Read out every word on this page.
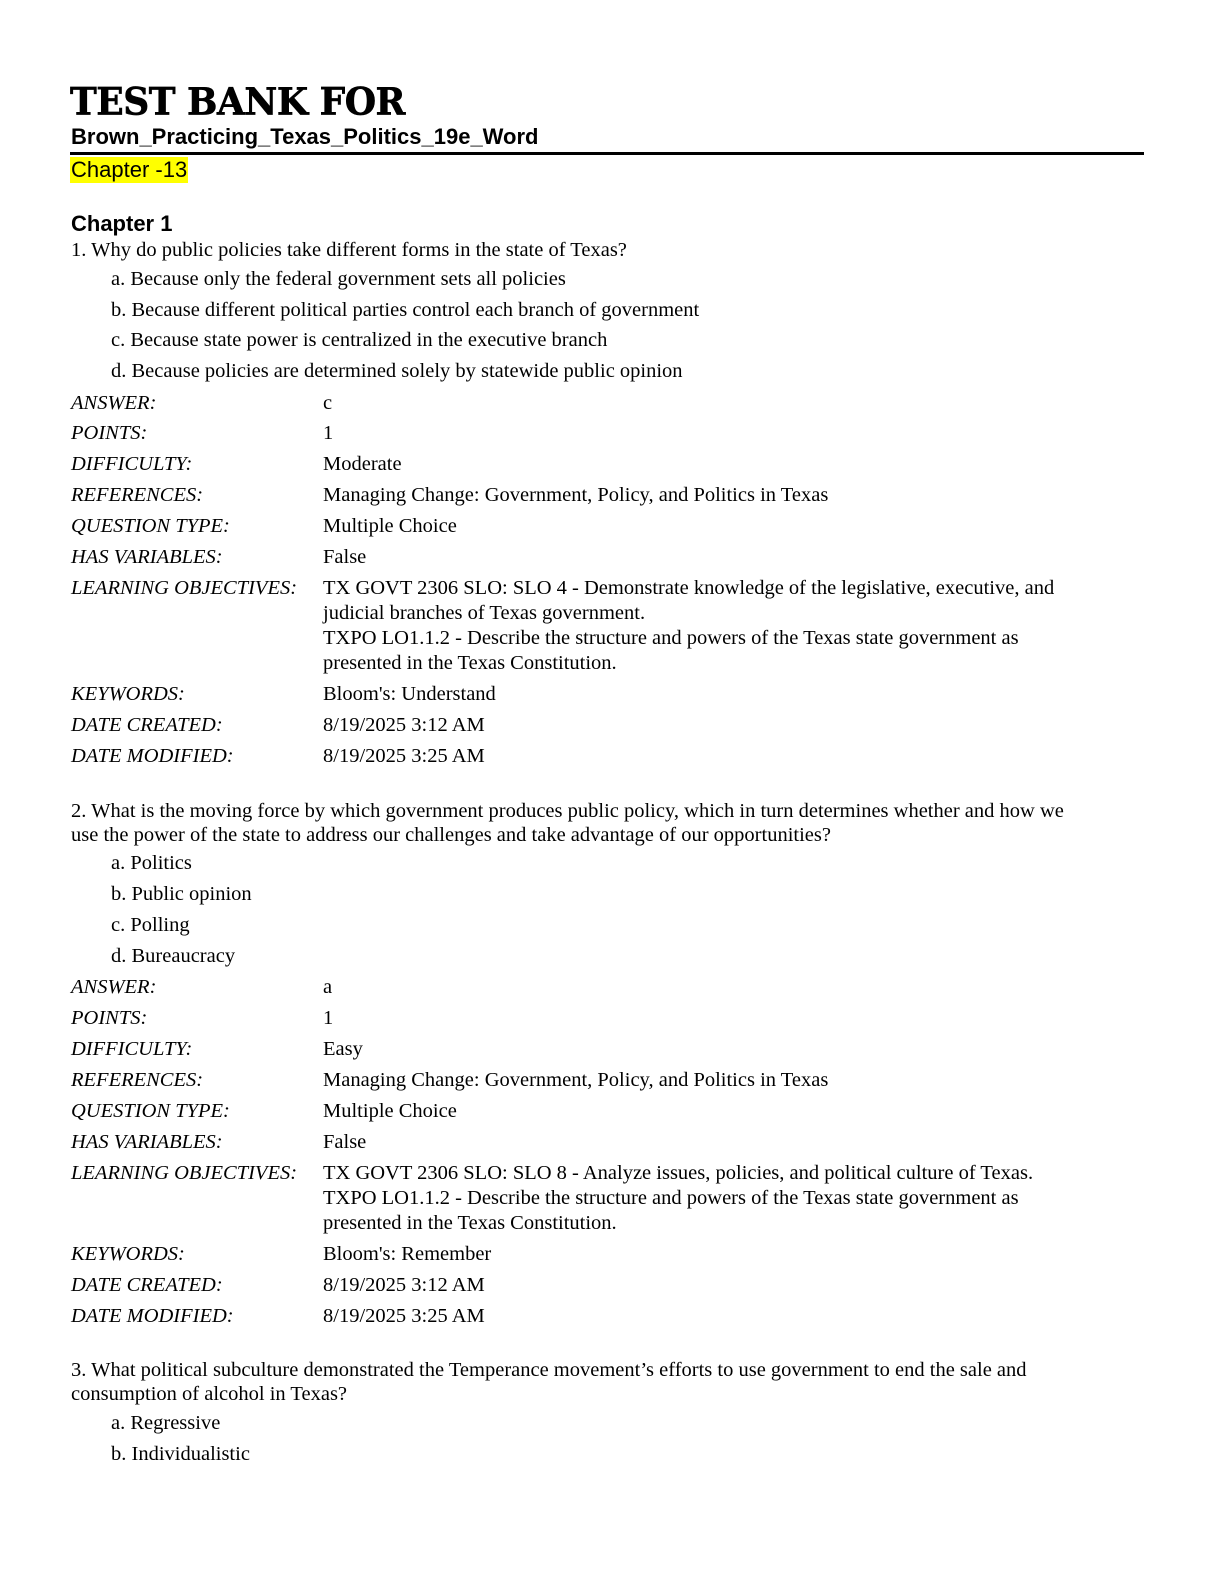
TEST BANK FOR
Brown_Practicing_Texas_Politics_19e_Word
Chapter -13
Chapter 1
1. Why do public policies take different forms in the state of Texas?
a. Because only the federal government sets all policies
b. Because different political parties control each branch of government
c. Because state power is centralized in the executive branch
d. Because policies are determined solely by statewide public opinion
ANSWER:	c
POINTS:	1
DIFFICULTY:	Moderate
REFERENCES:	Managing Change: Government, Policy, and Politics in Texas
QUESTION TYPE:	Multiple Choice
HAS VARIABLES:	False
LEARNING OBJECTIVES: TX GOVT 2306 SLO: SLO 4 - Demonstrate knowledge of the legislative, executive, and
judicial branches of Texas government.
TXPO LO1.1.2 - Describe the structure and powers of the Texas state government as
presented in the Texas Constitution.
KEYWORDS:	Bloom's: Understand
DATE CREATED:	8/19/2025 3:12 AM
DATE MODIFIED:	8/19/2025 3:25 AM
2. What is the moving force by which government produces public policy, which in turn determines whether and how we
use the power of the state to address our challenges and take advantage of our opportunities?
a. Politics
b. Public opinion
c. Polling
d. Bureaucracy
ANSWER:	a
POINTS:	1
DIFFICULTY:	Easy
REFERENCES:	Managing Change: Government, Policy, and Politics in Texas
QUESTION TYPE:	Multiple Choice
HAS VARIABLES:	False
LEARNING OBJECTIVES: TX GOVT 2306 SLO: SLO 8 - Analyze issues, policies, and political culture of Texas.
TXPO LO1.1.2 - Describe the structure and powers of the Texas state government as
presented in the Texas Constitution.
KEYWORDS:	Bloom's: Remember
DATE CREATED:	8/19/2025 3:12 AM
DATE MODIFIED:	8/19/2025 3:25 AM
3. What political subculture demonstrated the Temperance movement’s efforts to use government to end the sale and
consumption of alcohol in Texas?
a. Regressive
b. Individualistic
